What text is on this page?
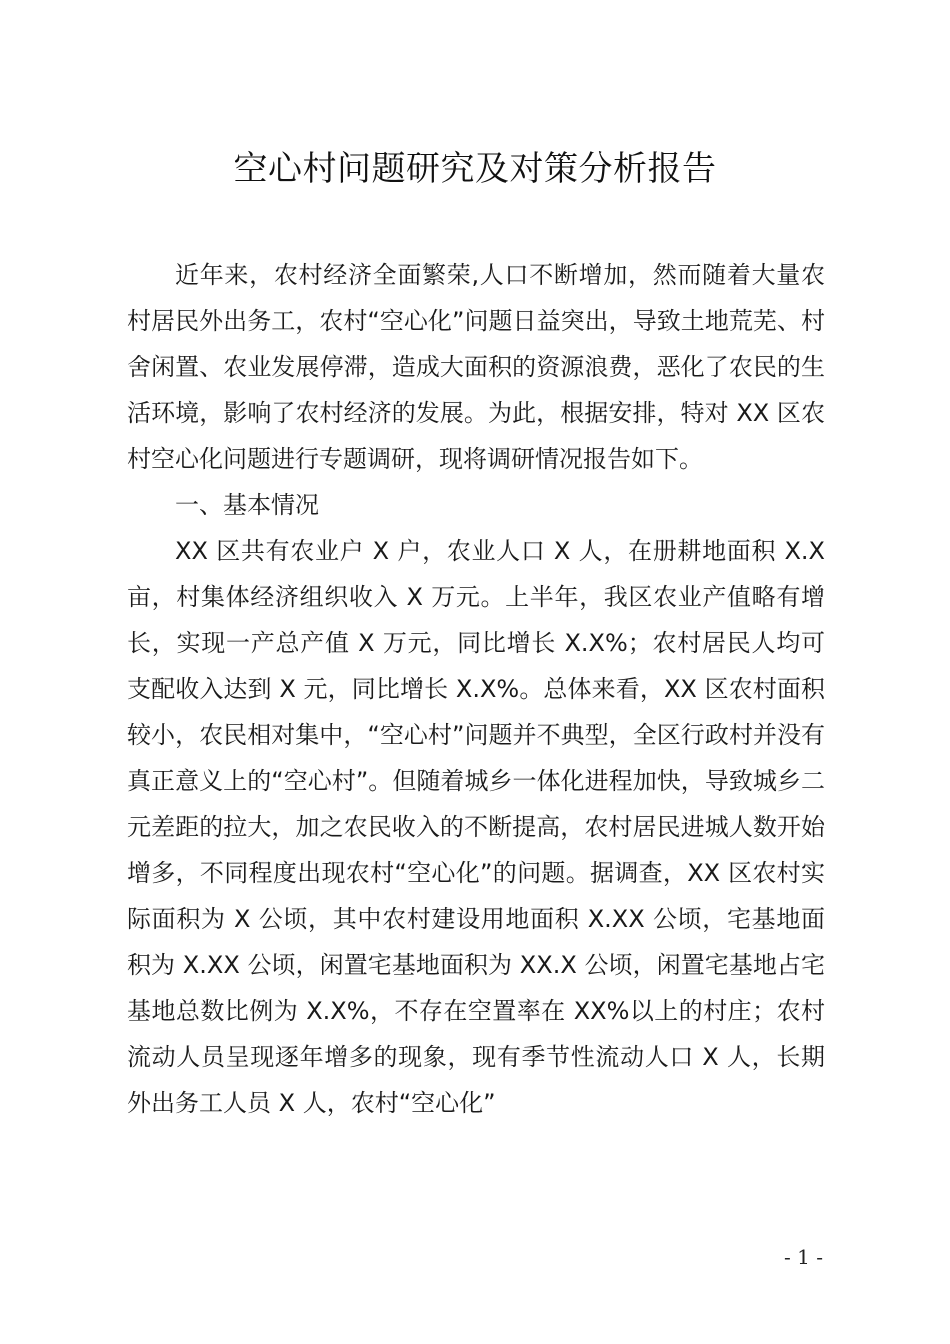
空心村问题研究及对策分析报告

近年来，农村经济全面繁荣,人口不断增加，然而随着大量农村居民外出务工，农村“空心化”问题日益突出，导致土地荒芜、村舍闲置、农业发展停滞，造成大面积的资源浪费，恶化了农民的生活环境，影响了农村经济的发展。为此，根据安排，特对 XX 区农村空心化问题进行专题调研，现将调研情况报告如下。

一、基本情况

XX 区共有农业户 X 户，农业人口 X 人，在册耕地面积 X.X 亩，村集体经济组织收入 X 万元。上半年，我区农业产值略有增长，实现一产总产值 X 万元，同比增长 X.X%；农村居民人均可支配收入达到 X 元，同比增长 X.X%。总体来看，XX 区农村面积较小，农民相对集中，“空心村”问题并不典型，全区行政村并没有真正意义上的“空心村”。但随着城乡一体化进程加快，导致城乡二元差距的拉大，加之农民收入的不断提高，农村居民进城人数开始增多，不同程度出现农村“空心化”的问题。据调查，XX 区农村实际面积为 X 公顷，其中农村建设用地面积 X.XX 公顷，宅基地面积为 X.XX 公顷，闲置宅基地面积为 XX.X 公顷，闲置宅基地占宅基地总数比例为 X.X%，不存在空置率在 XX%以上的村庄；农村流动人员呈现逐年增多的现象，现有季节性流动人口 X 人，长期外出务工人员 X 人，农村“空心化”

- 1 -
